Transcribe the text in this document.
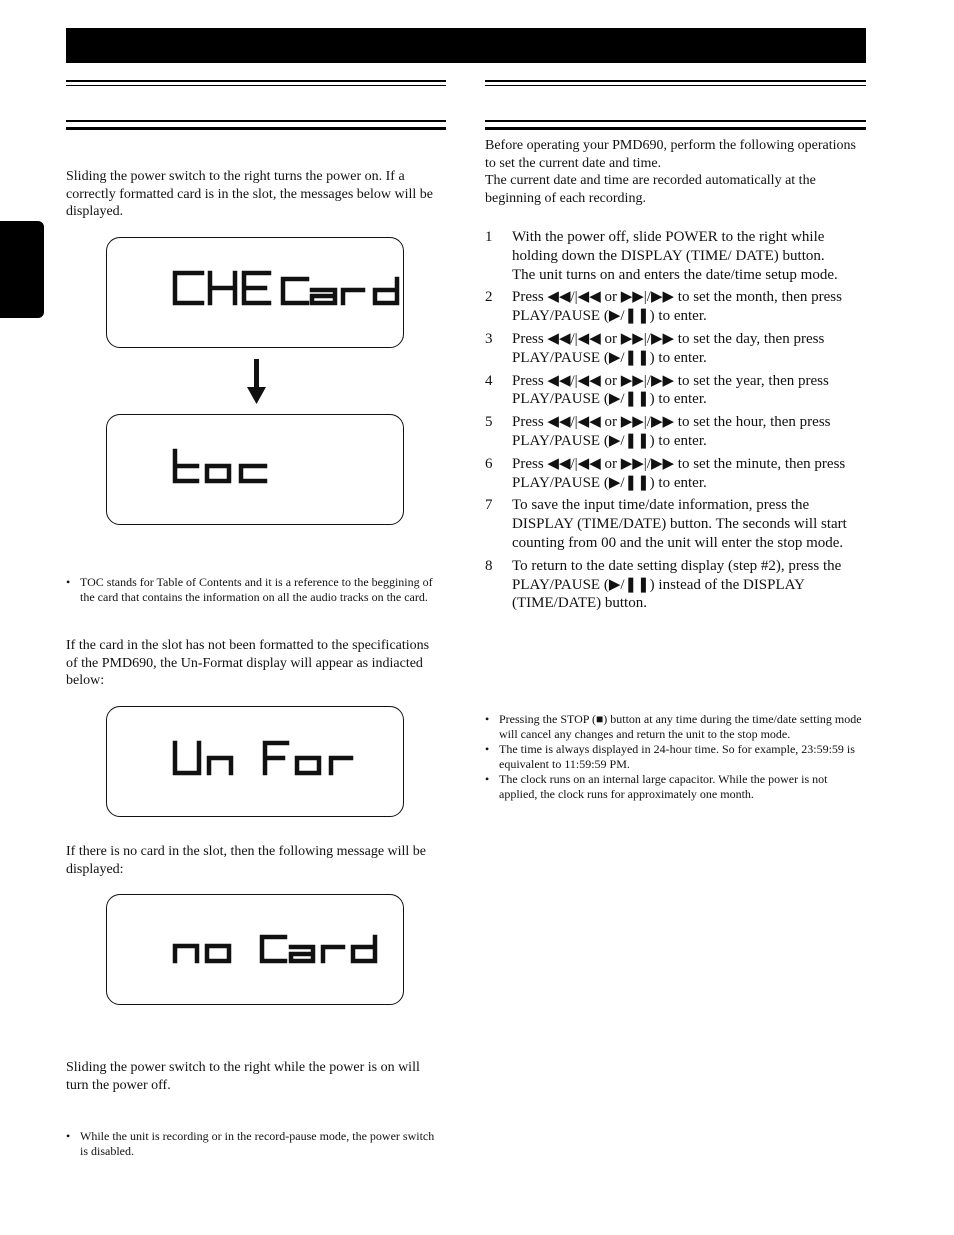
Sliding the power switch to the right turns the power on. If a correctly formatted card is in the slot, the messages below will be displayed.
• TOC stands for Table of Contents and it is a reference to the beggining of the card that contains the information on all the audio tracks on the card.
If the card in the slot has not been formatted to the specifications of the PMD690, the Un-Format display will appear as indiacted below:
If there is no card in the slot, then the following message will be displayed:
Sliding the power switch to the right while the power is on will turn the power off.
• While the unit is recording or in the record-pause mode, the power switch is disabled.
Before operating your PMD690, perform the following operations to set the current date and time.
The current date and time are recorded automatically at the beginning of each recording.
1 With the power off, slide POWER to the right while holding down the DISPLAY (TIME/ DATE) button.
The unit turns on and enters the date/time setup mode.
2 Press ◀◀/|◀◀ or ▶▶|/▶▶ to set the month, then press PLAY/PAUSE (▶/❚❚) to enter.
3 Press ◀◀/|◀◀ or ▶▶|/▶▶ to set the day, then press PLAY/PAUSE (▶/❚❚) to enter.
4 Press ◀◀/|◀◀ or ▶▶|/▶▶ to set the year, then press PLAY/PAUSE (▶/❚❚) to enter.
5 Press ◀◀/|◀◀ or ▶▶|/▶▶ to set the hour, then press PLAY/PAUSE (▶/❚❚) to enter.
6 Press ◀◀/|◀◀ or ▶▶|/▶▶ to set the minute, then press PLAY/PAUSE (▶/❚❚) to enter.
7 To save the input time/date information, press the DISPLAY (TIME/DATE) button. The seconds will start counting from 00 and the unit will enter the stop mode.
8 To return to the date setting display (step #2), press the PLAY/PAUSE (▶/❚❚) instead of the DISPLAY (TIME/DATE) button.
• Pressing the STOP (■) button at any time during the time/date setting mode will cancel any changes and return the unit to the stop mode.
• The time is always displayed in 24-hour time. So for example, 23:59:59 is equivalent to 11:59:59 PM.
• The clock runs on an internal large capacitor. While the power is not applied, the clock runs for approximately one month.
